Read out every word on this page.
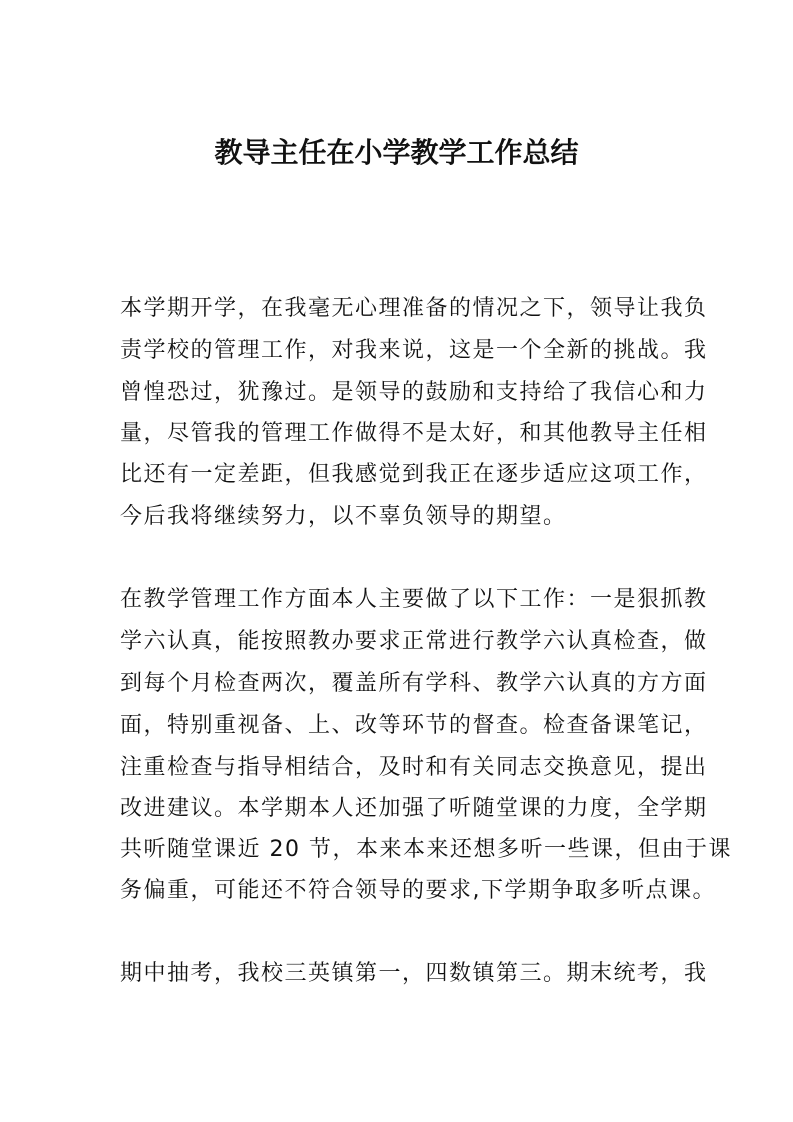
教导主任在小学教学工作总结
本学期开学，在我毫无心理准备的情况之下，领导让我负
责学校的管理工作，对我来说，这是一个全新的挑战。我
曾惶恐过，犹豫过。是领导的鼓励和支持给了我信心和力
量，尽管我的管理工作做得不是太好，和其他教导主任相
比还有一定差距，但我感觉到我正在逐步适应这项工作，
今后我将继续努力，以不辜负领导的期望。
在教学管理工作方面本人主要做了以下工作：一是狠抓教
学六认真，能按照教办要求正常进行教学六认真检查，做
到每个月检查两次，覆盖所有学科、教学六认真的方方面
面，特别重视备、上、改等环节的督查。检查备课笔记，
注重检查与指导相结合，及时和有关同志交换意见，提出
改进建议。本学期本人还加强了听随堂课的力度，全学期
共听随堂课近 20 节，本来本来还想多听一些课，但由于课
务偏重，可能还不符合领导的要求,下学期争取多听点课。
期中抽考，我校三英镇第一，四数镇第三。期末统考，我
